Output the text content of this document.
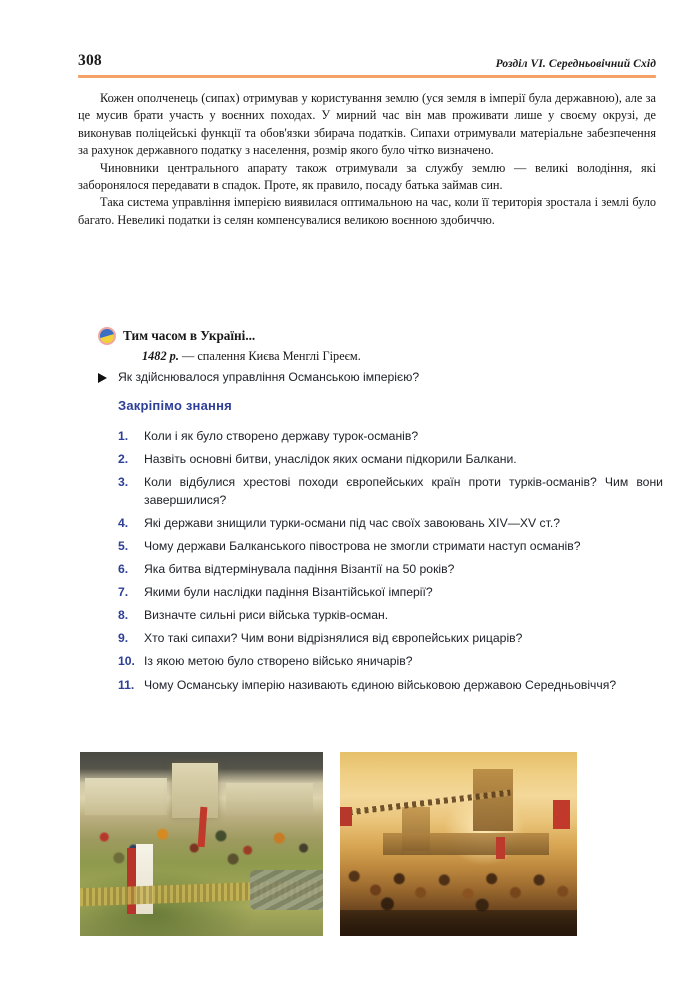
308	Розділ VI. Середньовічний Схід

Кожен ополченець (сипах) отримував у користування землю (уся земля в імперії була державною), але за це мусив брати участь у воєнних походах. У мирний час він мав проживати лише у своєму окрузі, де виконував поліцейські функції та обов'язки збирача податків. Сипахи отримували матеріальне забезпечення за рахунок державного податку з населення, розмір якого було чітко визначено.

Чиновники центрального апарату також отримували за службу землю — великі володіння, які заборонялося передавати в спадок. Проте, як правило, посаду батька займав син.

Така система управління імперією виявилася оптимальною на час, коли її територія зростала і землі було багато. Невеликі податки із селян компенсувалися великою воєнною здобиччю.

Тим часом в Україні...
1482 р. — спалення Києва Менглі Гіреєм.
Як здійснювалося управління Османською імперією?
Закріпімо знання
1.	Коли і як було створено державу турок-османів?
2.	Назвіть основні битви, унаслідок яких османи підкорили Балкани.
3.	Коли відбулися хрестові походи європейських країн проти турків-османів? Чим вони завершилися?
4.	Які держави знищили турки-османи під час своїх завоювань XIV—XV ст.?
5.	Чому держави Балканського півострова не змогли стримати наступ османів?
6.	Яка битва відтермінувала падіння Візантії на 50 років?
7.	Якими були наслідки падіння Візантійської імперії?
8.	Визначте сильні риси війська турків-осман.
9.	Хто такі сипахи? Чим вони відрізнялися від європейських рицарів?
10. Із якою метою було створено військо яничарів?
11. Чому Османську імперію називають єдиною військовою державою Середньовіччя?
